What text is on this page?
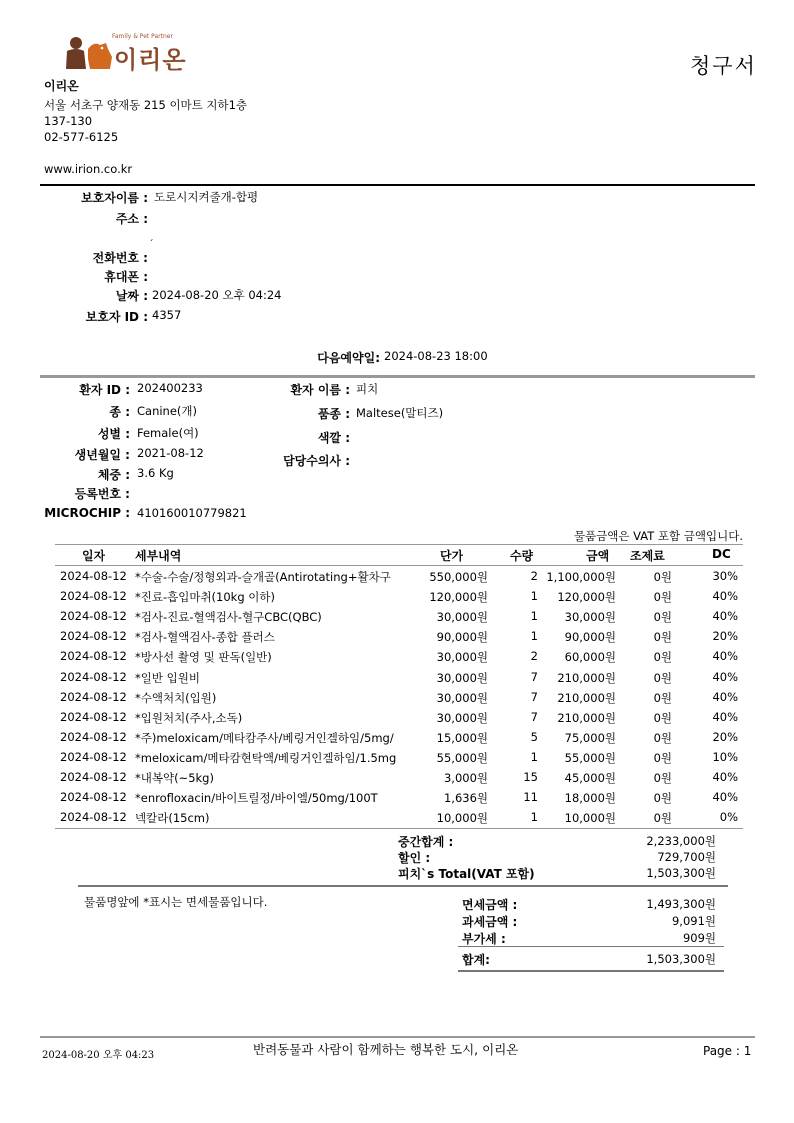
Family & Pet Partner
이리온	청구서
이리온
서울 서초구 양재동 215 이마트 지하1층
137-130
02-577-6125
www.irion.co.kr
보호자이름 : 도로시지켜줄개-합평
주소 :
ˏ
전화번호 :
휴대폰 :
날짜 : 2024-08-20 오후 04:24
보호자 ID : 4357
다음예약일: 2024-08-23 18:00
환자 ID : 202400233
종 : Canine(개)
성별 : Female(여)
생년월일 : 2021-08-12
체중 : 3.6 Kg
등록번호 :
MICROCHIP : 410160010779821
환자 이름 : 피치
품종 : Maltese(말티즈)
색깔 :
담당수의사 :
물품금액은 VAT 포함 금액입니다.
일자 세부내역	단가	수량	금액 조제료	DC
2024-08-12 *수술-수술/정형외과-슬개골(Antirotating+활차구	550,000원	2 1,100,000원	0원	30%
2024-08-12 *진료-흡입마취(10kg 이하)	120,000원	1	120,000원	0원	40%
2024-08-12 *검사-진료-혈액검사-혈구CBC(QBC)	30,000원	1	30,000원	0원	40%
2024-08-12 *검사-혈액검사-종합 플러스	90,000원	1	90,000원	0원	20%
2024-08-12 *방사선 촬영 및 판독(일반)	30,000원	2	60,000원	0원	40%
2024-08-12 *일반 입원비	30,000원	7	210,000원	0원	40%
2024-08-12 *수액처치(입원)	30,000원	7	210,000원	0원	40%
2024-08-12 *입원처치(주사,소독)	30,000원	7	210,000원	0원	40%
2024-08-12 *주)meloxicam/메타캄주사/베링거인겔하임/5mg/	15,000원	5	75,000원	0원	20%
2024-08-12 *meloxicam/메타캄현탁액/베링거인겔하임/1.5mg	55,000원	1	55,000원	0원	10%
2024-08-12 *내복약(~5kg)	3,000원	15	45,000원	0원	40%
2024-08-12 *enrofloxacin/바이트릴정/바이엘/50mg/100T	1,636원	11	18,000원	0원	40%
2024-08-12 넥칼라(15cm)	10,000원	1	10,000원	0원	0%
중간합계 :	2,233,000원
할인 :	729,700원
피치`s Total(VAT 포함)	1,503,300원
물품명앞에 *표시는 면세물품입니다.	면세금액 :	1,493,300원
과세금액 :	9,091원
부가세 :	909원
합계:	1,503,300원
2024-08-20 오후 04:23	반려동물과 사람이 함께하는 행복한 도시, 이리온	Page : 1
